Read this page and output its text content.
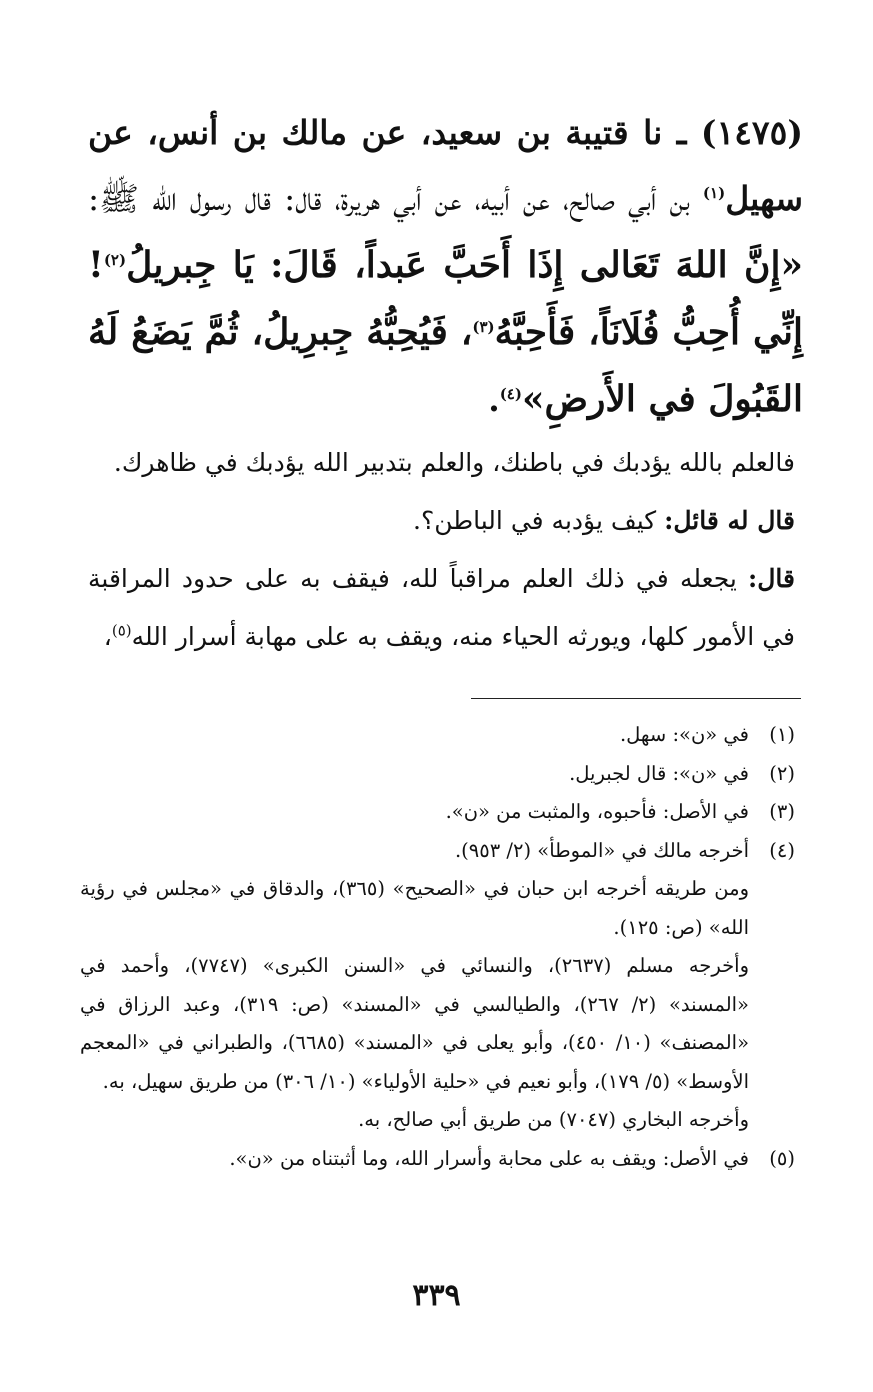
(١٤٧٥) ـ نا قتيبة بن سعيد، عن مالك بن أنس، عن سهيل$^{(١)}$ بن أبي صالح، عن أبيه، عن أبي هريرة، قال: قال رسول الله ﷺ: «إِنَّ اللهَ تَعَالى إِذَا أَحَبَّ عَبداً، قَالَ: يَا جِبريلُ$^{(٢)}$! إِنِّي أُحِبُّ فُلَانَاً، فَأَحِبَّهُ$^{(٣)}$، فَيُحِبُّهُ جِبرِيلُ، ثُمَّ يَضَعُ لَهُ القَبُولَ في الأَرضِ»$^{(٤)}$.

فالعلم بالله يؤدبك في باطنك، والعلم بتدبير الله يؤدبك في ظاهرك.

قال له قائل: كيف يؤدبه في الباطن؟.

قال: يجعله في ذلك العلم مراقباً لله، فيقف به على حدود المراقبة في الأمور كلها، ويورثه الحياء منه، ويقف به على مهابة أسرار الله$^{(٥)}$،

(١)
في «ن»: سهل.
(٢)
في «ن»: قال لجبريل.
(٣)
في الأصل: فأحبوه، والمثبت من «ن».
(٤)
أخرجه مالك في «الموطأ» (٢/ ٩٥٣).
ومن طريقه أخرجه ابن حبان في «الصحيح» (٣٦٥)، والدقاق في «مجلس في رؤية الله» (ص: ١٢٥).
وأخرجه مسلم (٢٦٣٧)، والنسائي في «السنن الكبرى» (٧٧٤٧)، وأحمد في «المسند» (٢/ ٢٦٧)، والطيالسي في «المسند» (ص: ٣١٩)، وعبد الرزاق في «المصنف» (١٠/ ٤٥٠)، وأبو يعلى في «المسند» (٦٦٨٥)، والطبراني في «المعجم الأوسط» (٥/ ١٧٩)، وأبو نعيم في «حلية الأولياء» (١٠/ ٣٠٦) من طريق سهيل، به.
وأخرجه البخاري (٧٠٤٧) من طريق أبي صالح، به.
(٥)
في الأصل: ويقف به على محابة وأسرار الله، وما أثبتناه من «ن».
٣٣٩
